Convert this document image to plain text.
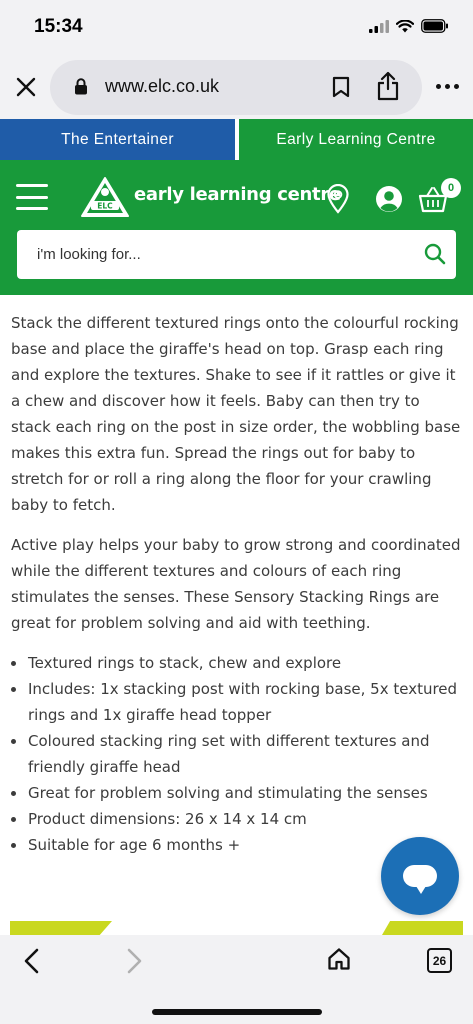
15:34
www.elc.co.uk
The Entertainer	Early Learning Centre
ELC
early learning centre	0
i'm looking for...

Stack the different textured rings onto the colourful rocking base and place the giraffe's head on top. Grasp each ring and explore the textures. Shake to see if it rattles or give it a chew and discover how it feels. Baby can then try to stack each ring on the post in size order, the wobbling base makes this extra fun. Spread the rings out for baby to stretch for or roll a ring along the floor for your crawling baby to fetch.

Active play helps your baby to grow strong and coordinated while the different textures and colours of each ring stimulates the senses. These Sensory Stacking Rings are great for problem solving and aid with teething.

Textured rings to stack, chew and explore
Includes: 1x stacking post with rocking base, 5x textured rings and 1x giraffe head topper
Coloured stacking ring set with different textures and friendly giraffe head
Great for problem solving and stimulating the senses
Product dimensions: 26 x 14 x 14 cm
Suitable for age 6 months +
26
